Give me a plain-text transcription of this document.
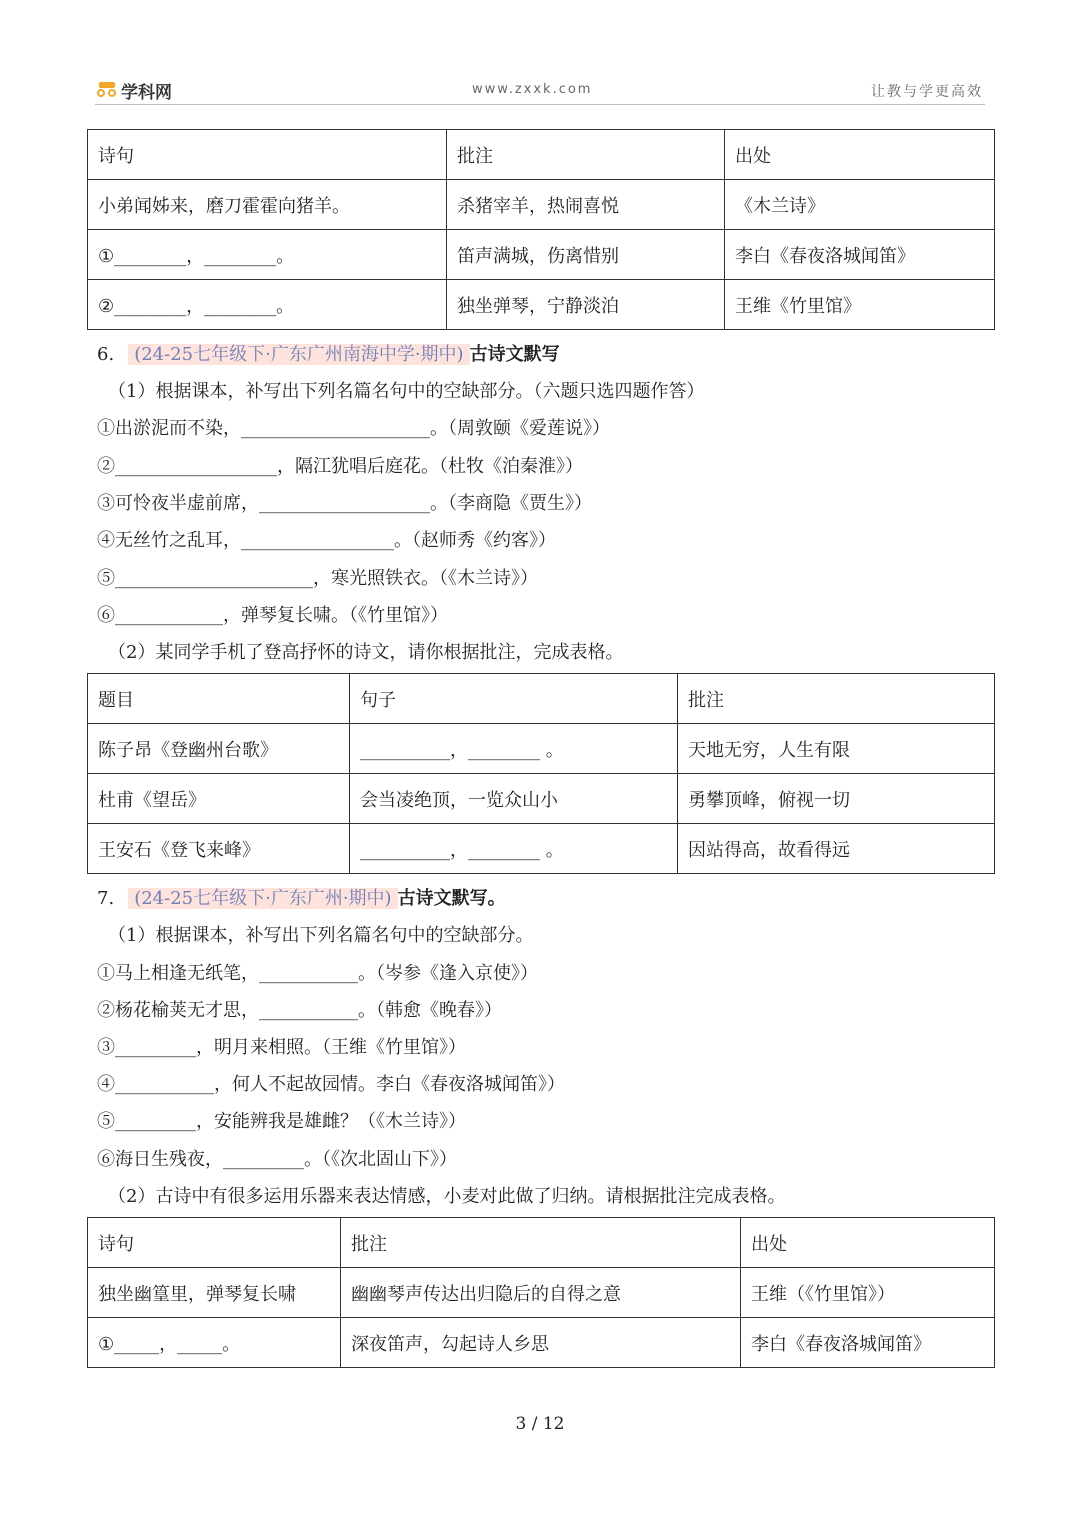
学科网	www.zxxk.com	让教与学更高效
诗句	批注	出处
小弟闻姊来，磨刀霍霍向猪羊。	杀猪宰羊，热闹喜悦	《木兰诗》
①________，________。	笛声满城，伤离惜别	李白《春夜洛城闻笛》
②________，________。	独坐弹琴，宁静淡泊	王维《竹里馆》
6. (24-25七年级下·广东广州南海中学·期中) 古诗文默写
（1）根据课本，补写出下列名篇名句中的空缺部分。（六题只选四题作答）
①出淤泥而不染，_____________________。（周敦颐《爱莲说》）
②__________________，隔江犹唱后庭花。（杜牧《泊秦淮》）
③可怜夜半虚前席，___________________。（李商隐《贾生》）
④无丝竹之乱耳，_________________。（赵师秀《约客》）
⑤______________________，寒光照铁衣。（《木兰诗》）
⑥____________，弹琴复长啸。（《竹里馆》）
（2）某同学手机了登高抒怀的诗文，请你根据批注，完成表格。
题目	句子	批注
陈子昂《登幽州台歌》	__________，________ 。	天地无穷，人生有限
杜甫《望岳》	会当凌绝顶，一览众山小	勇攀顶峰，俯视一切
王安石《登飞来峰》	__________，________ 。	因站得高，故看得远
7. (24-25七年级下·广东广州·期中) 古诗文默写。
（1）根据课本，补写出下列名篇名句中的空缺部分。
①马上相逢无纸笔，___________。（岑参《逢入京使》）
②杨花榆荚无才思，___________。（韩愈《晚春》）
③_________，明月来相照。（王维《竹里馆》）
④___________，何人不起故园情。李白《春夜洛城闻笛》）
⑤_________，安能辨我是雄雌？（《木兰诗》）
⑥海日生残夜，_________。（《次北固山下》）
（2）古诗中有很多运用乐器来表达情感，小麦对此做了归纳。请根据批注完成表格。
诗句	批注	出处
独坐幽篁里，弹琴复长啸	幽幽琴声传达出归隐后的自得之意	王维（《竹里馆》）
①_____，_____。	深夜笛声，勾起诗人乡思	李白《春夜洛城闻笛》
3 / 12
